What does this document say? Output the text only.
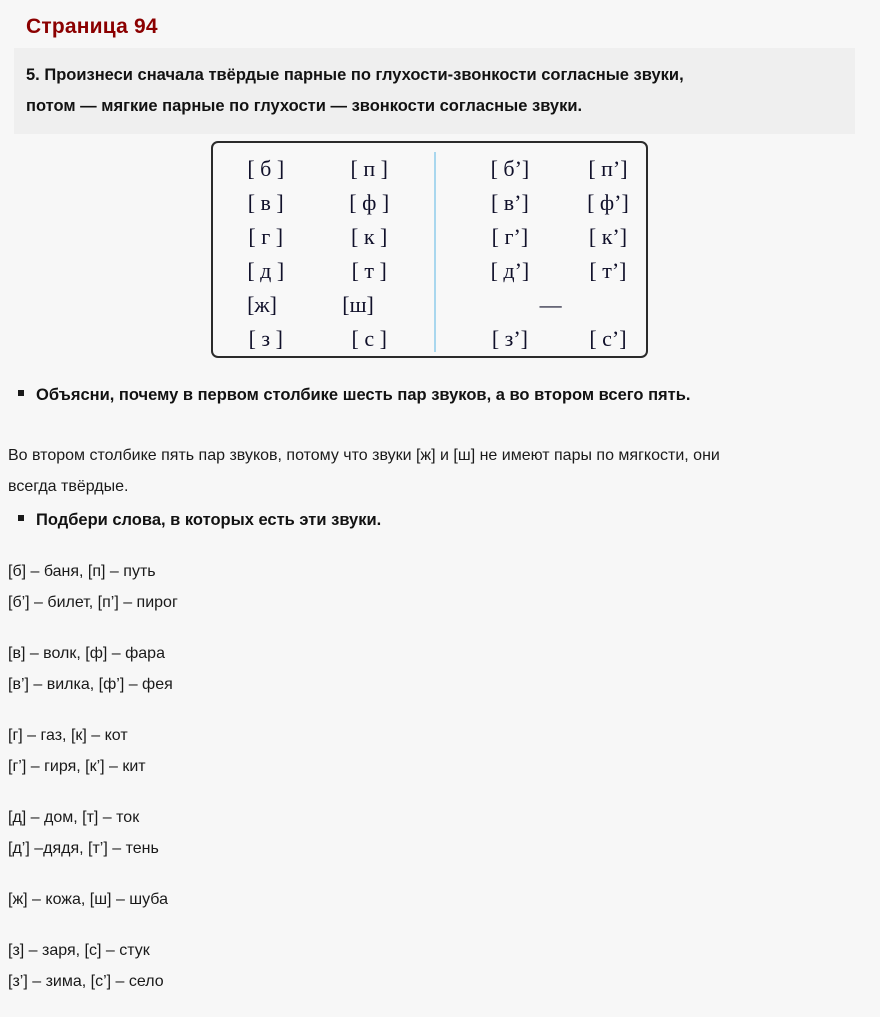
Страница 94
5. Произнеси сначала твёрдые парные по глухости-звонкости согласные звуки,
потом — мягкие парные по глухости — звонкости согласные звуки.
[ б ]	[ п ]	[ б’]	[ п’]
[ в ]	[ ф ]	[ в’]	[ ф’]
[ г ]	[ к ]	[ г’]	[ к’]
[ д ]	[ т ]	[ д’]	[ т’]
[ж]	[ш]	—
[ з ]	[ с ]	[ з’]	[ с’]
Объясни, почему в первом столбике шесть пар звуков, а во втором всего пять.
Во втором столбике пять пар звуков, потому что звуки [ж] и [ш] не имеют пары по мягкости, они
всегда твёрдые.
Подбери слова, в которых есть эти звуки.
[б] – баня, [п] – путь
[б’] – билет, [п’] – пирог
[в] – волк, [ф] – фара
[в’] – вилка, [ф’] – фея
[г] – газ, [к] – кот
[г’] – гиря, [к’] – кит
[д] – дом, [т] – ток
[д’] –дядя, [т’] – тень
[ж] – кожа, [ш] – шуба
[з] – заря, [с] – стук
[з’] – зима, [с’] – село
